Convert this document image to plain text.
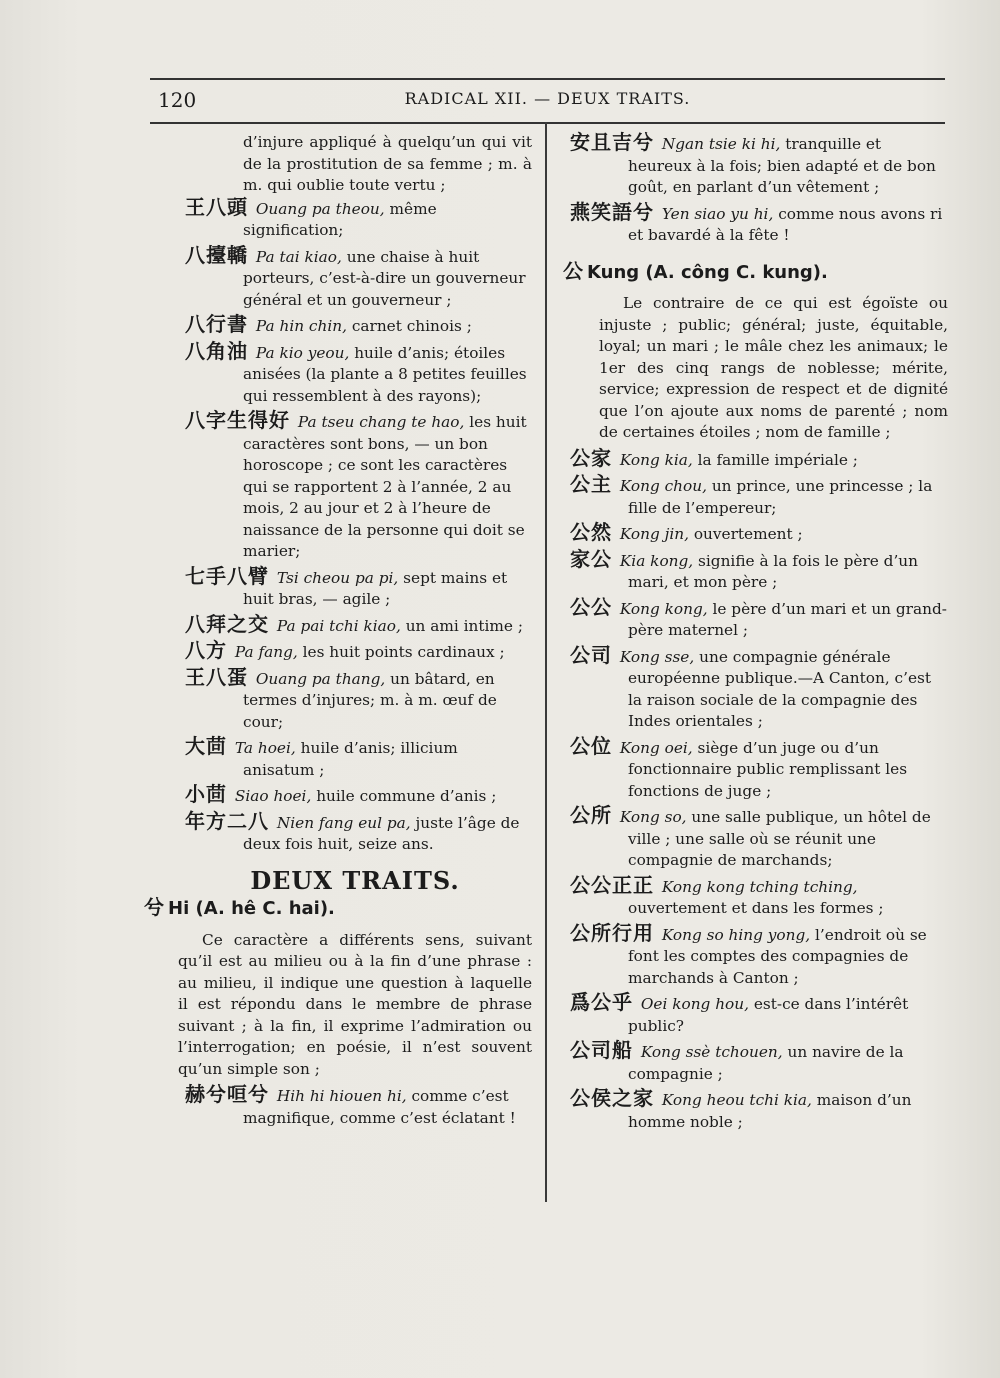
120	RADICAL XII. — DEUX TRAITS.
d’injure appliqué à quelqu’un qui vit de la prostitution de sa femme ; m. à m. qui oublie toute vertu ;
王八頭 Ouang pa theou, même signification;
八擡轎 Pa tai kiao, une chaise à huit porteurs, c’est-à-dire un gouverneur général et un gouverneur ;
八行書 Pa hin chin, carnet chinois ;
八角油 Pa kio yeou, huile d’anis; étoiles anisées (la plante a 8 petites feuilles qui ressemblent à des rayons);
八字生得好 Pa tseu chang te hao, les huit caractères sont bons, — un bon horoscope ; ce sont les caractères qui se rapportent 2 à l’année, 2 au mois, 2 au jour et 2 à l’heure de naissance de la personne qui doit se marier;
七手八臂 Tsi cheou pa pi, sept mains et huit bras, — agile ;
八拜之交 Pa pai tchi kiao, un ami intime ;
八方 Pa fang, les huit points cardinaux ;
王八蛋 Ouang pa thang, un bâtard, en termes d’injures; m. à m. œuf de cour;
大茴 Ta hoei, huile d’anis; illicium anisatum ;
小茴 Siao hoei, huile commune d’anis ;
年方二八 Nien fang eul pa, juste l’âge de deux fois huit, seize ans.
DEUX TRAITS.
兮 Hi (A. hê C. hai).
Ce caractère a différents sens, suivant qu’il est au milieu ou à la fin d’une phrase : au milieu, il indique une question à laquelle il est répondu dans le membre de phrase suivant ; à la fin, il exprime l’admiration ou l’interrogation; en poésie, il n’est souvent qu’un simple son ;
赫兮咺兮 Hih hi hiouen hi, comme c’est magnifique, comme c’est éclatant !
安且吉兮 Ngan tsie ki hi, tranquille et heureux à la fois; bien adapté et de bon goût, en parlant d’un vêtement ;
燕笑語兮 Yen siao yu hi, comme nous avons ri et bavardé à la fête !
公 Kung (A. công C. kung).
Le contraire de ce qui est égoïste ou injuste ; public; général; juste, équitable, loyal; un mari ; le mâle chez les animaux; le 1er des cinq rangs de noblesse; mérite, service; expression de respect et de dignité que l’on ajoute aux noms de parenté ; nom de certaines étoiles ; nom de famille ;
公家 Kong kia, la famille impériale ;
公主 Kong chou, un prince, une princesse ; la fille de l’empereur;
公然 Kong jin, ouvertement ;
家公 Kia kong, signifie à la fois le père d’un mari, et mon père ;
公公 Kong kong, le père d’un mari et un grand-père maternel ;
公司 Kong sse, une compagnie générale européenne publique.—A Canton, c’est la raison sociale de la compagnie des Indes orientales ;
公位 Kong oei, siège d’un juge ou d’un fonctionnaire public remplissant les fonctions de juge ;
公所 Kong so, une salle publique, un hôtel de ville ; une salle où se réunit une compagnie de marchands;
公公正正 Kong kong tching tching, ouvertement et dans les formes ;
公所行用 Kong so hing yong, l’endroit où se font les comptes des compagnies de marchands à Canton ;
爲公乎 Oei kong hou, est-ce dans l’intérêt public?
公司船 Kong ssè tchouen, un navire de la compagnie ;
公侯之家 Kong heou tchi kia, maison d’un homme noble ;
